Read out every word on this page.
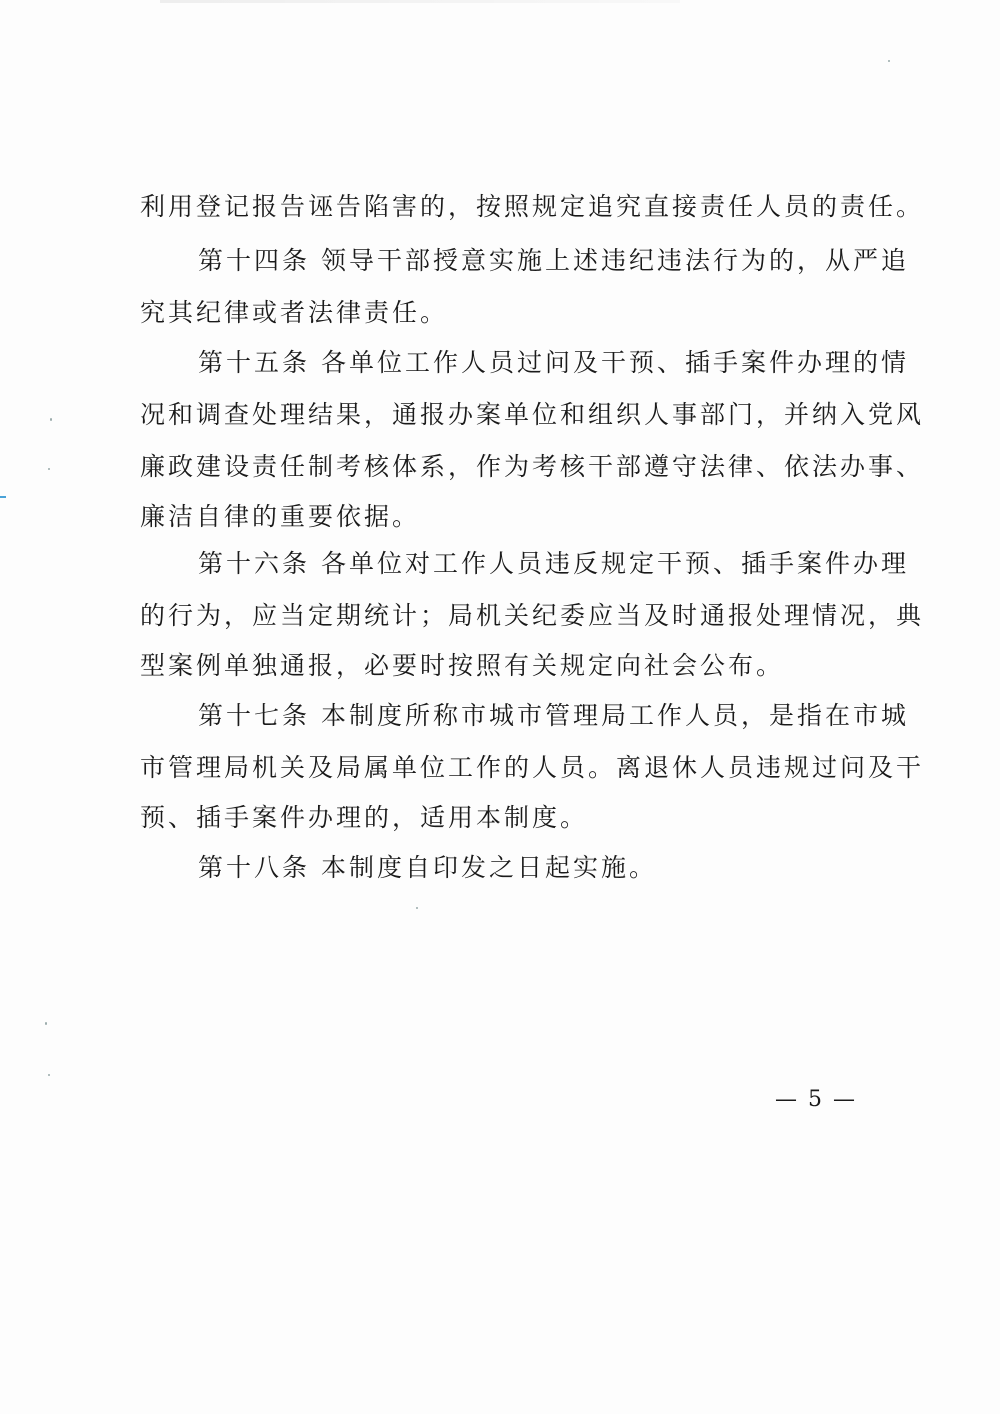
利用登记报告诬告陷害的，按照规定追究直接责任人员的责任。
第十四条 领导干部授意实施上述违纪违法行为的，从严追
究其纪律或者法律责任。
第十五条 各单位工作人员过问及干预、插手案件办理的情
况和调查处理结果，通报办案单位和组织人事部门，并纳入党风
廉政建设责任制考核体系，作为考核干部遵守法律、依法办事、
廉洁自律的重要依据。
第十六条 各单位对工作人员违反规定干预、插手案件办理
的行为，应当定期统计；局机关纪委应当及时通报处理情况，典
型案例单独通报，必要时按照有关规定向社会公布。
第十七条 本制度所称市城市管理局工作人员，是指在市城
市管理局机关及局属单位工作的人员。离退休人员违规过问及干
预、插手案件办理的，适用本制度。
第十八条 本制度自印发之日起实施。
— 5 —
